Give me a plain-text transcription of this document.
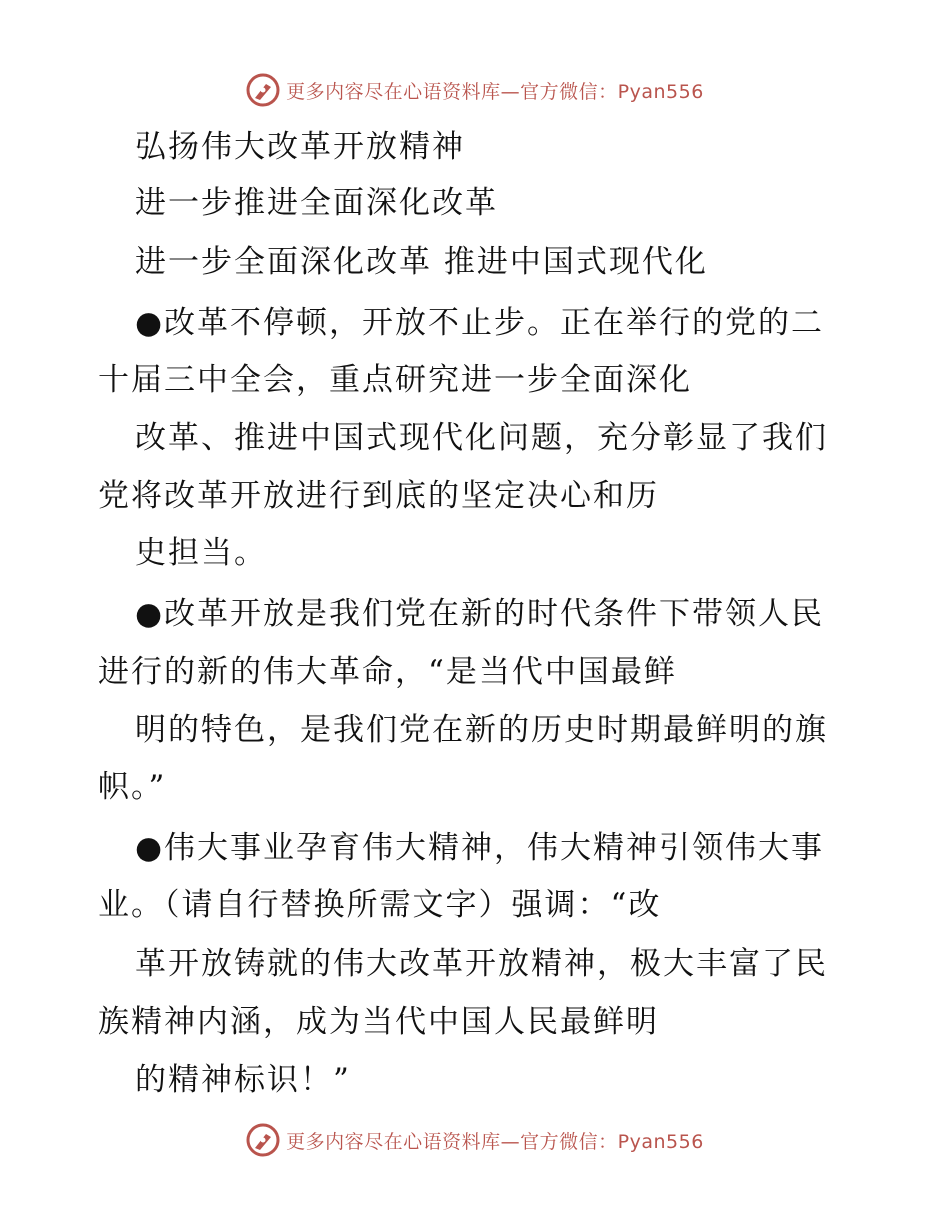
更多内容尽在心语资料库—官方微信：Pyan556
弘扬伟大改革开放精神
进一步推进全面深化改革
进一步全面深化改革 推进中国式现代化
●改革不停顿，开放不止步。正在举行的党的二
十届三中全会，重点研究进一步全面深化
改革、推进中国式现代化问题，充分彰显了我们
党将改革开放进行到底的坚定决心和历
史担当。
●改革开放是我们党在新的时代条件下带领人民
进行的新的伟大革命，“是当代中国最鲜
明的特色，是我们党在新的历史时期最鲜明的旗
帜。”
●伟大事业孕育伟大精神，伟大精神引领伟大事
业。（请自行替换所需文字）强调：“改
革开放铸就的伟大改革开放精神，极大丰富了民
族精神内涵，成为当代中国人民最鲜明
的精神标识！”
更多内容尽在心语资料库—官方微信：Pyan556
